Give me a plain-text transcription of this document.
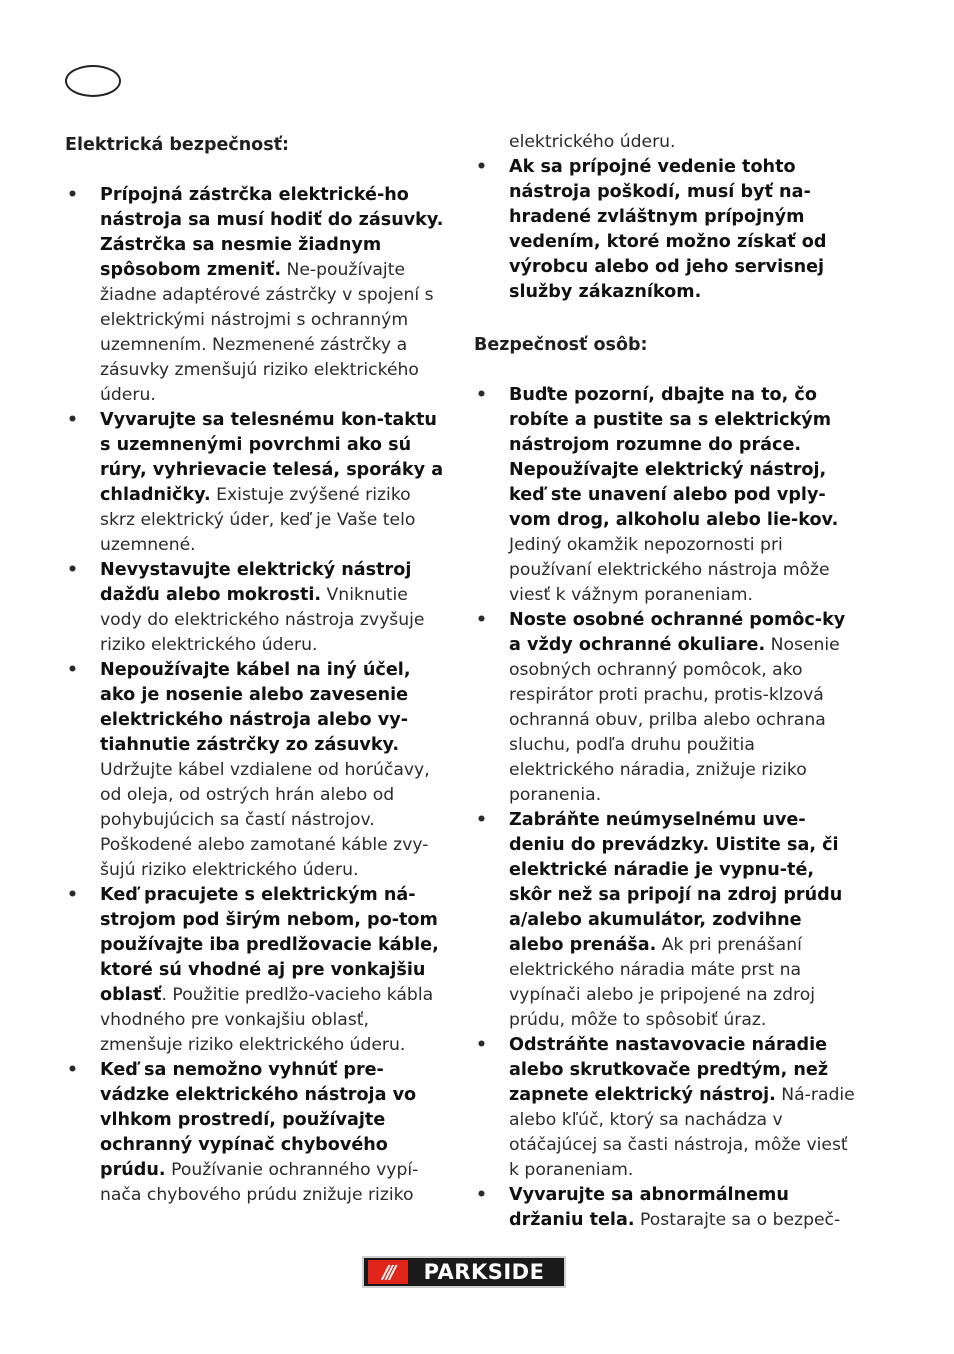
Elektrická bezpečnosť:
• Prípojná zástrčka elektrické-ho nástroja sa musí hodiť do zásuvky. Zástrčka sa nesmie žiadnym spôsobom zmeniť. Ne-používajte žiadne adaptérové zástrčky v spojení s elektrickými nástrojmi s ochranným uzemnením. Nezmenené zástrčky a zásuvky zmenšujú riziko elektrického úderu.
• Vyvarujte sa telesnému kon-taktu s uzemnenými povrchmi ako sú rúry, vyhrievacie telesá, sporáky a chladničky. Existuje zvýšené riziko skrz elektrický úder, keď je Vaše telo uzemnené.
• Nevystavujte elektrický nástroj dažďu alebo mokrosti. Vniknutie vody do elektrického nástroja zvyšuje riziko elektrického úderu.
• Nepoužívajte kábel na iný účel, ako je nosenie alebo zavesenie elektrického nástroja alebo vy-tiahnutie zástrčky zo zásuvky. Udržujte kábel vzdialene od horúčavy, od oleja, od ostrých hrán alebo od pohybujúcich sa častí nástrojov. Poškodené alebo zamotané káble zvy-šujú riziko elektrického úderu.
• Keď pracujete s elektrickým ná-strojom pod širým nebom, po-tom používajte iba predlžovacie káble, ktoré sú vhodné aj pre vonkajšiu oblasť. Použitie predlžo-vacieho kábla vhodného pre vonkajšiu oblasť, zmenšuje riziko elektrického úderu.
• Keď sa nemožno vyhnúť pre-vádzke elektrického nástroja vo vlhkom prostredí, používajte ochranný vypínač chybového prúdu. Používanie ochranného vypí-nača chybového prúdu znižuje riziko
elektrického úderu.
• Ak sa prípojné vedenie tohto nástroja poškodí, musí byť na-hradené zvláštnym prípojným vedením, ktoré možno získať od výrobcu alebo od jeho servisnej služby zákazníkom.
Bezpečnosť osôb:
• Buďte pozorní, dbajte na to, čo robíte a pustite sa s elektrickým nástrojom rozumne do práce. Nepoužívajte elektrický nástroj, keď ste unavení alebo pod vply-vom drog, alkoholu alebo lie-kov. Jediný okamžik nepozornosti pri používaní elektrického nástroja môže viesť k vážnym poraneniam.
• Noste osobné ochranné pomôc-ky a vždy ochranné okuliare. Nosenie osobných ochranný pomôcok, ako respirátor proti prachu, protis-klzová ochranná obuv, prilba alebo ochrana sluchu, podľa druhu použitia elektrického náradia, znižuje riziko poranenia.
• Zabráňte neúmyselnému uve-deniu do prevádzky. Uistite sa, či elektrické náradie je vypnu-té, skôr než sa pripojí na zdroj prúdu a/alebo akumulátor, zodvihne alebo prenáša. Ak pri prenášaní elektrického náradia máte prst na vypínači alebo je pripojené na zdroj prúdu, môže to spôsobiť úraz.
• Odstráňte nastavovacie náradie alebo skrutkovače predtým, než zapnete elektrický nástroj. Ná-radie alebo kľúč, ktorý sa nachádza v otáčajúcej sa časti nástroja, môže viesť k poraneniam.
• Vyvarujte sa abnormálnemu držaniu tela. Postarajte sa o bezpeč-
///	PARKSIDE
